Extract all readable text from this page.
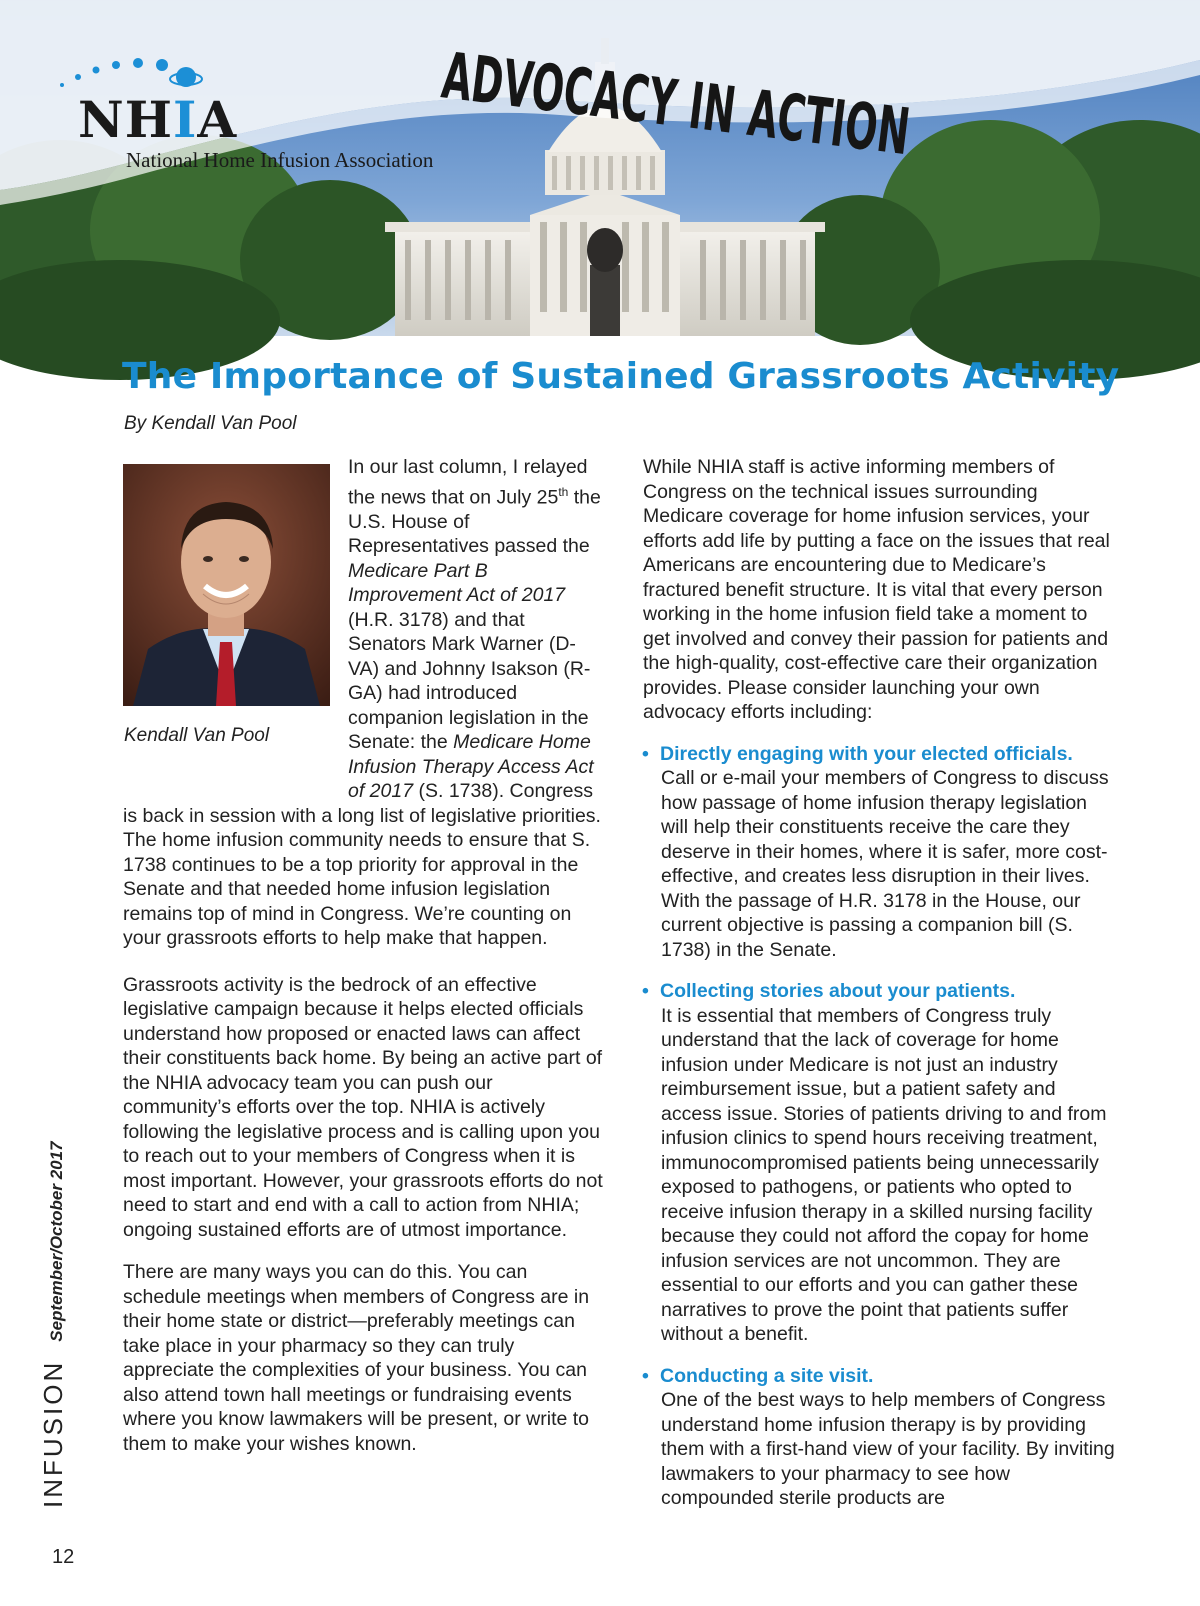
NHIA
National Home Infusion Association ADVOCACY IN ACTION
The Importance of Sustained Grassroots Activity
By Kendall Van Pool
Kendall Van Pool

In our last column, I relayed the news that on July 25th the U.S. House of Representatives passed the Medicare Part B Improvement Act of 2017 (H.R. 3178) and that Senators Mark Warner (D-VA) and Johnny Isakson (R-GA) had introduced companion legislation in the Senate: the Medicare Home Infusion Therapy Access Act of 2017 (S. 1738). Congress is back in session with a long list of legislative priorities. The home infusion community needs to ensure that S. 1738 continues to be a top priority for approval in the Senate and that needed home infusion legislation remains top of mind in Congress. We’re counting on your grassroots efforts to help make that happen.

Grassroots activity is the bedrock of an effective legislative campaign because it helps elected officials understand how proposed or enacted laws can affect their constituents back home. By being an active part of the NHIA advocacy team you can push our community’s efforts over the top. NHIA is actively following the legislative process and is calling upon you to reach out to your members of Congress when it is most important. However, your grassroots efforts do not need to start and end with a call to action from NHIA; ongoing sustained efforts are of utmost importance.

There are many ways you can do this. You can schedule meetings when members of Congress are in their home state or district—preferably meetings can take place in your pharmacy so they can truly appreciate the complexities of your business. You can also attend town hall meetings or fundraising events where you know lawmakers will be present, or write to them to make your wishes known.

While NHIA staff is active informing members of Congress on the technical issues surrounding Medicare coverage for home infusion services, your efforts add life by putting a face on the issues that real Americans are encountering due to Medicare’s fractured benefit structure. It is vital that every person working in the home infusion field take a moment to get involved and convey their passion for patients and the high-quality, cost-effective care their organization provides. Please consider launching your own advocacy efforts including:

• Directly engaging with your elected officials.
Call or e-mail your members of Congress to discuss how passage of home infusion therapy legislation will help their constituents receive the care they deserve in their homes, where it is safer, more cost-effective, and creates less disruption in their lives. With the passage of H.R. 3178 in the House, our current objective is passing a companion bill (S. 1738) in the Senate.
• Collecting stories about your patients.
It is essential that members of Congress truly understand that the lack of coverage for home infusion under Medicare is not just an industry reimbursement issue, but a patient safety and access issue. Stories of patients driving to and from infusion clinics to spend hours receiving treatment, immunocompromised patients being unnecessarily exposed to pathogens, or patients who opted to receive infusion therapy in a skilled nursing facility because they could not afford the copay for home infusion services are not uncommon. They are essential to our efforts and you can gather these narratives to prove the point that patients suffer without a benefit.
• Conducting a site visit.
One of the best ways to help members of Congress understand home infusion therapy is by providing them with a first-hand view of your facility. By inviting lawmakers to your pharmacy to see how compounded sterile products are
INFUSIONSeptember/October 2017
12
